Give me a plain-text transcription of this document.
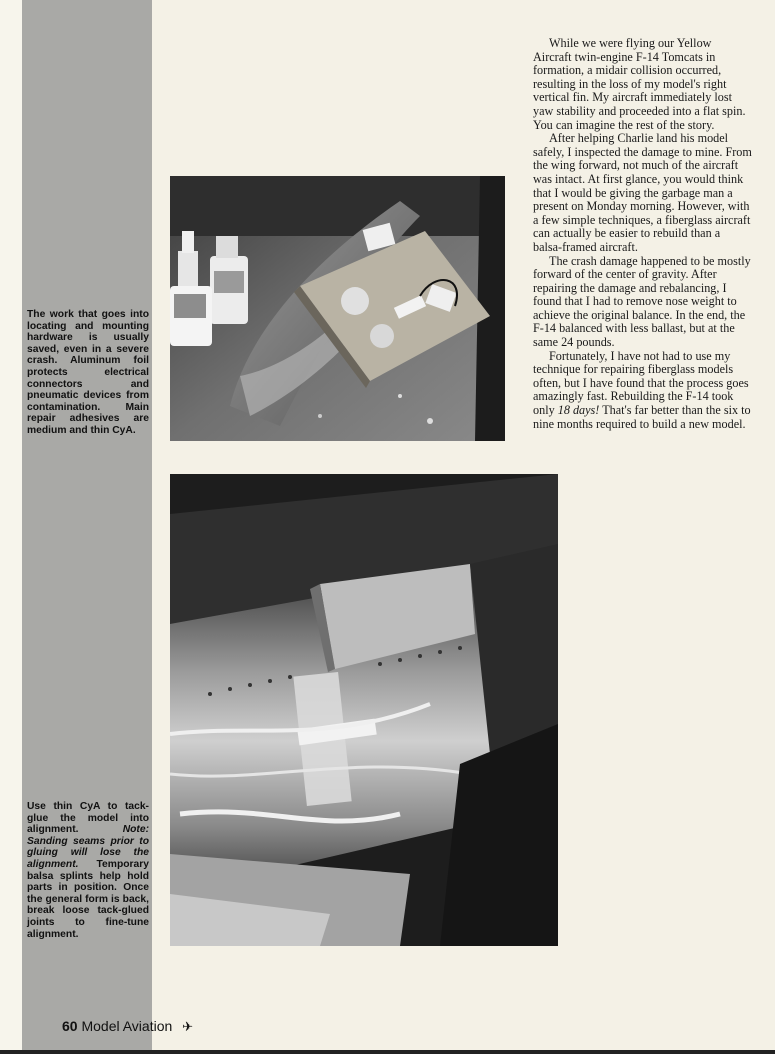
The work that goes into locating and mounting hardware is usually saved, even in a severe crash. Aluminum foil protects electrical connectors and pneumatic devices from contamination. Main repair adhesives are medium and thin CyA.

While we were flying our Yellow Aircraft twin-engine F-14 Tomcats in formation, a midair collision occurred, resulting in the loss of my model's right vertical fin. My aircraft immediately lost yaw stability and proceeded into a flat spin. You can imagine the rest of the story.

After helping Charlie land his model safely, I inspected the damage to mine. From the wing forward, not much of the aircraft was intact. At first glance, you would think that I would be giving the garbage man a present on Monday morning. However, with a few simple techniques, a fiberglass aircraft can actually be easier to rebuild than a balsa-framed aircraft.

The crash damage happened to be mostly forward of the center of gravity. After repairing the damage and rebalancing, I found that I had to remove nose weight to achieve the original balance. In the end, the F-14 balanced with less ballast, but at the same 24 pounds.

Fortunately, I have not had to use my technique for repairing fiberglass models often, but I have found that the process goes amazingly fast. Rebuilding the F-14 took only 18 days! That's far better than the six to nine months required to build a new model.

Use thin CyA to tack-glue the model into alignment.	Note: Sanding seams prior to gluing will lose the alignment. Temporary balsa splints help hold parts in position. Once the general form is back, break loose tack-glued joints to fine-tune alignment.

60 Model Aviation ✈
